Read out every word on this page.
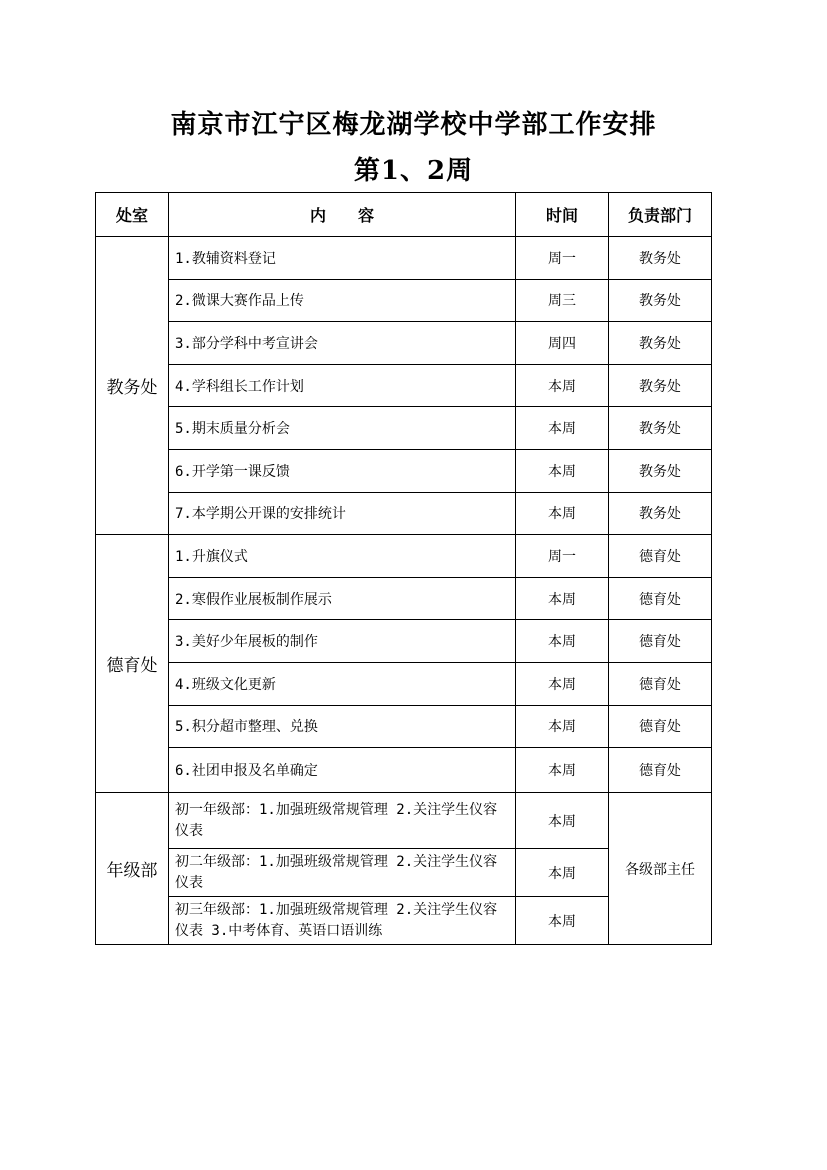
南京市江宁区梅龙湖学校中学部工作安排
第1、2周
处室	内　　容	时间	负责部门
教务处	1.教辅资料登记	周一	教务处
	2.微课大赛作品上传	周三	教务处
	3.部分学科中考宣讲会	周四	教务处
	4.学科组长工作计划	本周	教务处
	5.期末质量分析会	本周	教务处
	6.开学第一课反馈	本周	教务处
	7.本学期公开课的安排统计	本周	教务处
德育处	1.升旗仪式	周一	德育处
	2.寒假作业展板制作展示	本周	德育处
	3.美好少年展板的制作	本周	德育处
	4.班级文化更新	本周	德育处
	5.积分超市整理、兑换	本周	德育处
	6.社团申报及名单确定	本周	德育处
年级部	初一年级部：1.加强班级常规管理 2.关注学生仪容仪表	本周	各级部主任
	初二年级部：1.加强班级常规管理 2.关注学生仪容仪表	本周	
	初三年级部：1.加强班级常规管理 2.关注学生仪容仪表 3.中考体育、英语口语训练	本周	
